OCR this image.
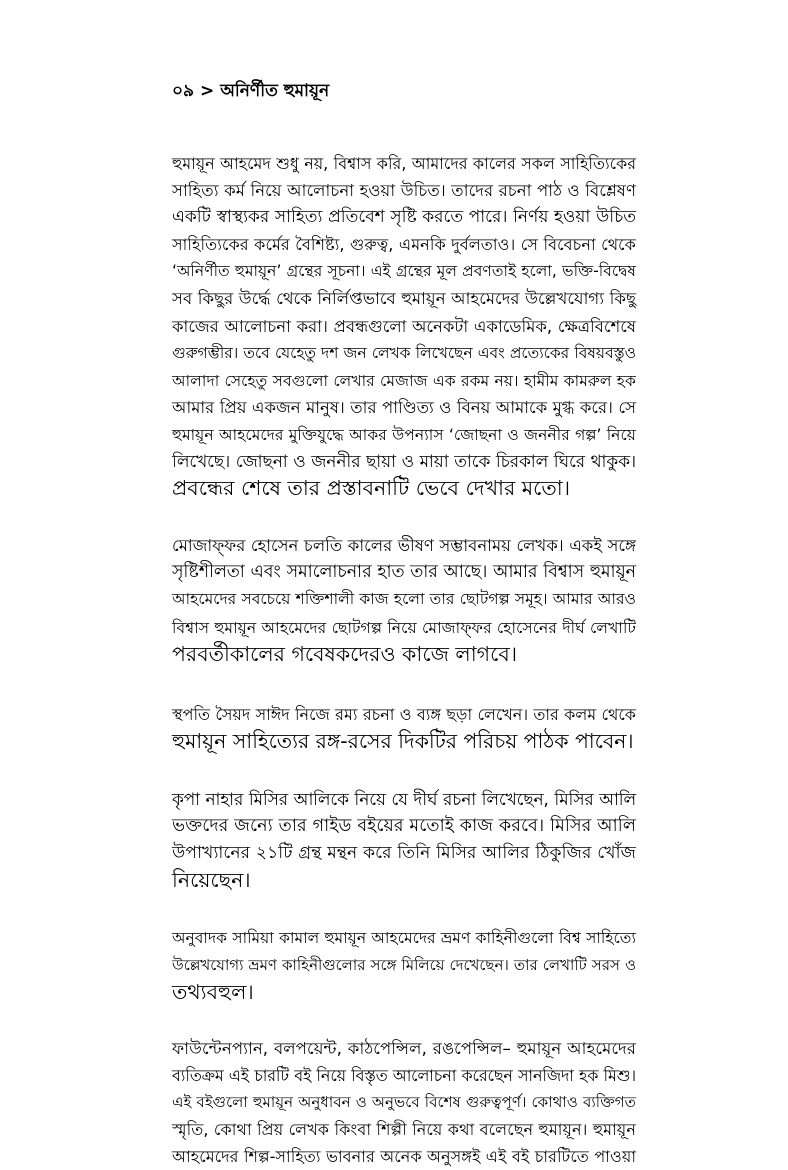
০৯ > অনির্ণীত হুমায়ূন
হুমায়ূন আহমেদ শুধু নয়, বিশ্বাস করি, আমাদের কালের সকল সাহিত্যিকের
সাহিত্য কর্ম নিয়ে আলোচনা হওয়া উচিত। তাদের রচনা পাঠ ও বিশ্লেষণ
একটি স্বাস্থ্যকর সাহিত্য প্রতিবেশ সৃষ্টি করতে পারে। নির্ণয় হওয়া উচিত
সাহিত্যিকের কর্মের বৈশিষ্ট্য, গুরুত্ব, এমনকি দুর্বলতাও। সে বিবেচনা থেকে
‘অনির্ণীত হুমায়ূন’ গ্রন্থের সূচনা। এই গ্রন্থের মূল প্রবণতাই হলো, ভক্তি-বিদ্বেষ
সব কিছুর উর্দ্ধে থেকে নির্লিপ্তভাবে হুমায়ূন আহমেদের উল্লেখযোগ্য কিছু
কাজের আলোচনা করা। প্রবন্ধগুলো অনেকটা একাডেমিক, ক্ষেত্রবিশেষে
গুরুগম্ভীর। তবে যেহেতু দশ জন লেখক লিখেছেন এবং প্রত্যেকের বিষয়বস্তুও
আলাদা সেহেতু সবগুলো লেখার মেজাজ এক রকম নয়। হামীম কামরুল হক
আমার প্রিয় একজন মানুষ। তার পাণ্ডিত্য ও বিনয় আমাকে মুগ্ধ করে। সে
হুমায়ূন আহমেদের মুক্তিযুদ্ধে আকর উপন্যাস ‘জোছনা ও জননীর গল্প’ নিয়ে
লিখেছে। জোছনা ও জননীর ছায়া ও মায়া তাকে চিরকাল ঘিরে থাকুক।
প্রবন্ধের শেষে তার প্রস্তাবনাটি ভেবে দেখার মতো।
মোজাফ্ফর হোসেন চলতি কালের ভীষণ সম্ভাবনাময় লেখক। একই সঙ্গে
সৃষ্টিশীলতা এবং সমালোচনার হাত তার আছে। আমার বিশ্বাস হুমায়ূন
আহমেদের সবচেয়ে শক্তিশালী কাজ হলো তার ছোটগল্প সমূহ। আমার আরও
বিশ্বাস হুমায়ূন আহমেদের ছোটগল্প নিয়ে মোজাফ্ফর হোসেনের দীর্ঘ লেখাটি
পরবর্তীকালের গবেষকদেরও কাজে লাগবে।
স্থপতি সৈয়দ সাঈদ নিজে রম্য রচনা ও ব্যঙ্গ ছড়া লেখেন। তার কলম থেকে
হুমায়ূন সাহিত্যের রঙ্গ-রসের দিকটির পরিচয় পাঠক পাবেন।
কৃপা নাহার মিসির আলিকে নিয়ে যে দীর্ঘ রচনা লিখেছেন, মিসির আলি
ভক্তদের জন্যে তার গাইড বইয়ের মতোই কাজ করবে। মিসির আলি
উপাখ্যানের ২১টি গ্রন্থ মন্থন করে তিনি মিসির আলির ঠিকুজির খোঁজ
নিয়েছেন।
অনুবাদক সামিয়া কামাল হুমায়ূন আহমেদের ভ্রমণ কাহিনীগুলো বিশ্ব সাহিত্যে
উল্লেখযোগ্য ভ্রমণ কাহিনীগুলোর সঙ্গে মিলিয়ে দেখেছেন। তার লেখাটি সরস ও
তথ্যবহুল।
ফাউন্টেনপ্যান, বলপয়েন্ট, কাঠপেন্সিল, রঙপেন্সিল– হুমায়ূন আহমেদের
ব্যতিক্রম এই চারটি বই নিয়ে বিস্তৃত আলোচনা করেছেন সানজিদা হক মিশু।
এই বইগুলো হুমায়ূন অনুধাবন ও অনুভবে বিশেষ গুরুত্বপূর্ণ। কোথাও ব্যক্তিগত
স্মৃতি, কোথা প্রিয় লেখক কিংবা শিল্পী নিয়ে কথা বলেছেন হুমায়ূন। হুমায়ূন
আহমেদের শিল্প-সাহিত্য ভাবনার অনেক অনুসঙ্গই এই বই চারটিতে পাওয়া
